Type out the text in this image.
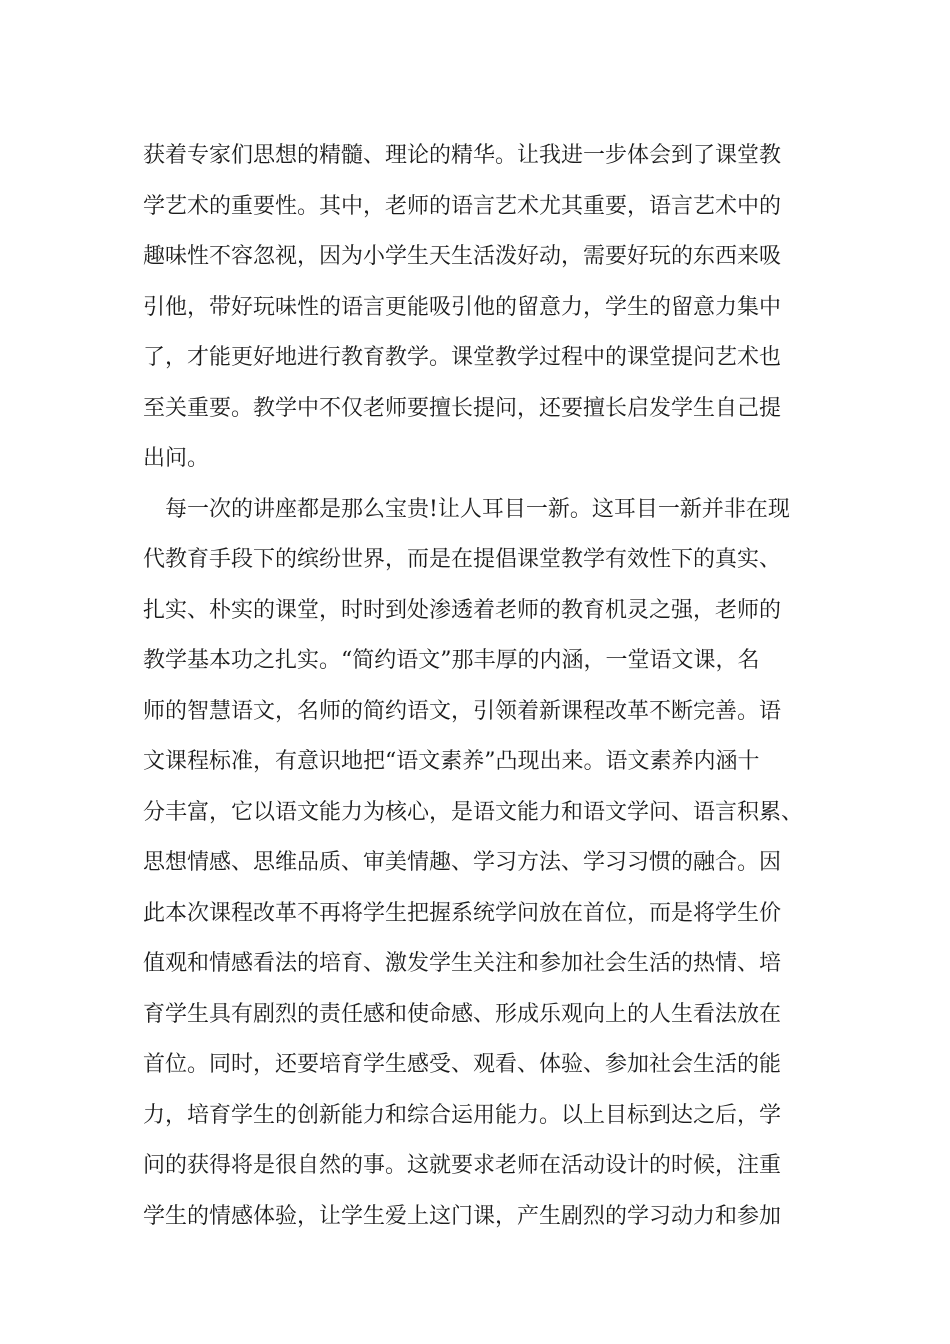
获着专家们思想的精髓、理论的精华。让我进一步体会到了课堂教

学艺术的重要性。其中，老师的语言艺术尤其重要，语言艺术中的

趣味性不容忽视，因为小学生天生活泼好动，需要好玩的东西来吸

引他，带好玩味性的语言更能吸引他的留意力，学生的留意力集中

了，才能更好地进行教育教学。课堂教学过程中的课堂提问艺术也

至关重要。教学中不仅老师要擅长提问，还要擅长启发学生自己提

出问。

每一次的讲座都是那么宝贵!让人耳目一新。这耳目一新并非在现

代教育手段下的缤纷世界，而是在提倡课堂教学有效性下的真实、

扎实、朴实的课堂，时时到处渗透着老师的教育机灵之强，老师的

教学基本功之扎实。“简约语文”那丰厚的内涵，一堂语文课，名

师的智慧语文，名师的简约语文，引领着新课程改革不断完善。语

文课程标准，有意识地把“语文素养”凸现出来。语文素养内涵十

分丰富，它以语文能力为核心，是语文能力和语文学问、语言积累、

思想情感、思维品质、审美情趣、学习方法、学习习惯的融合。因

此本次课程改革不再将学生把握系统学问放在首位，而是将学生价

值观和情感看法的培育、激发学生关注和参加社会生活的热情、培

育学生具有剧烈的责任感和使命感、形成乐观向上的人生看法放在

首位。同时，还要培育学生感受、观看、体验、参加社会生活的能

力，培育学生的创新能力和综合运用能力。以上目标到达之后，学

问的获得将是很自然的事。这就要求老师在活动设计的时候，注重

学生的情感体验，让学生爱上这门课，产生剧烈的学习动力和参加
